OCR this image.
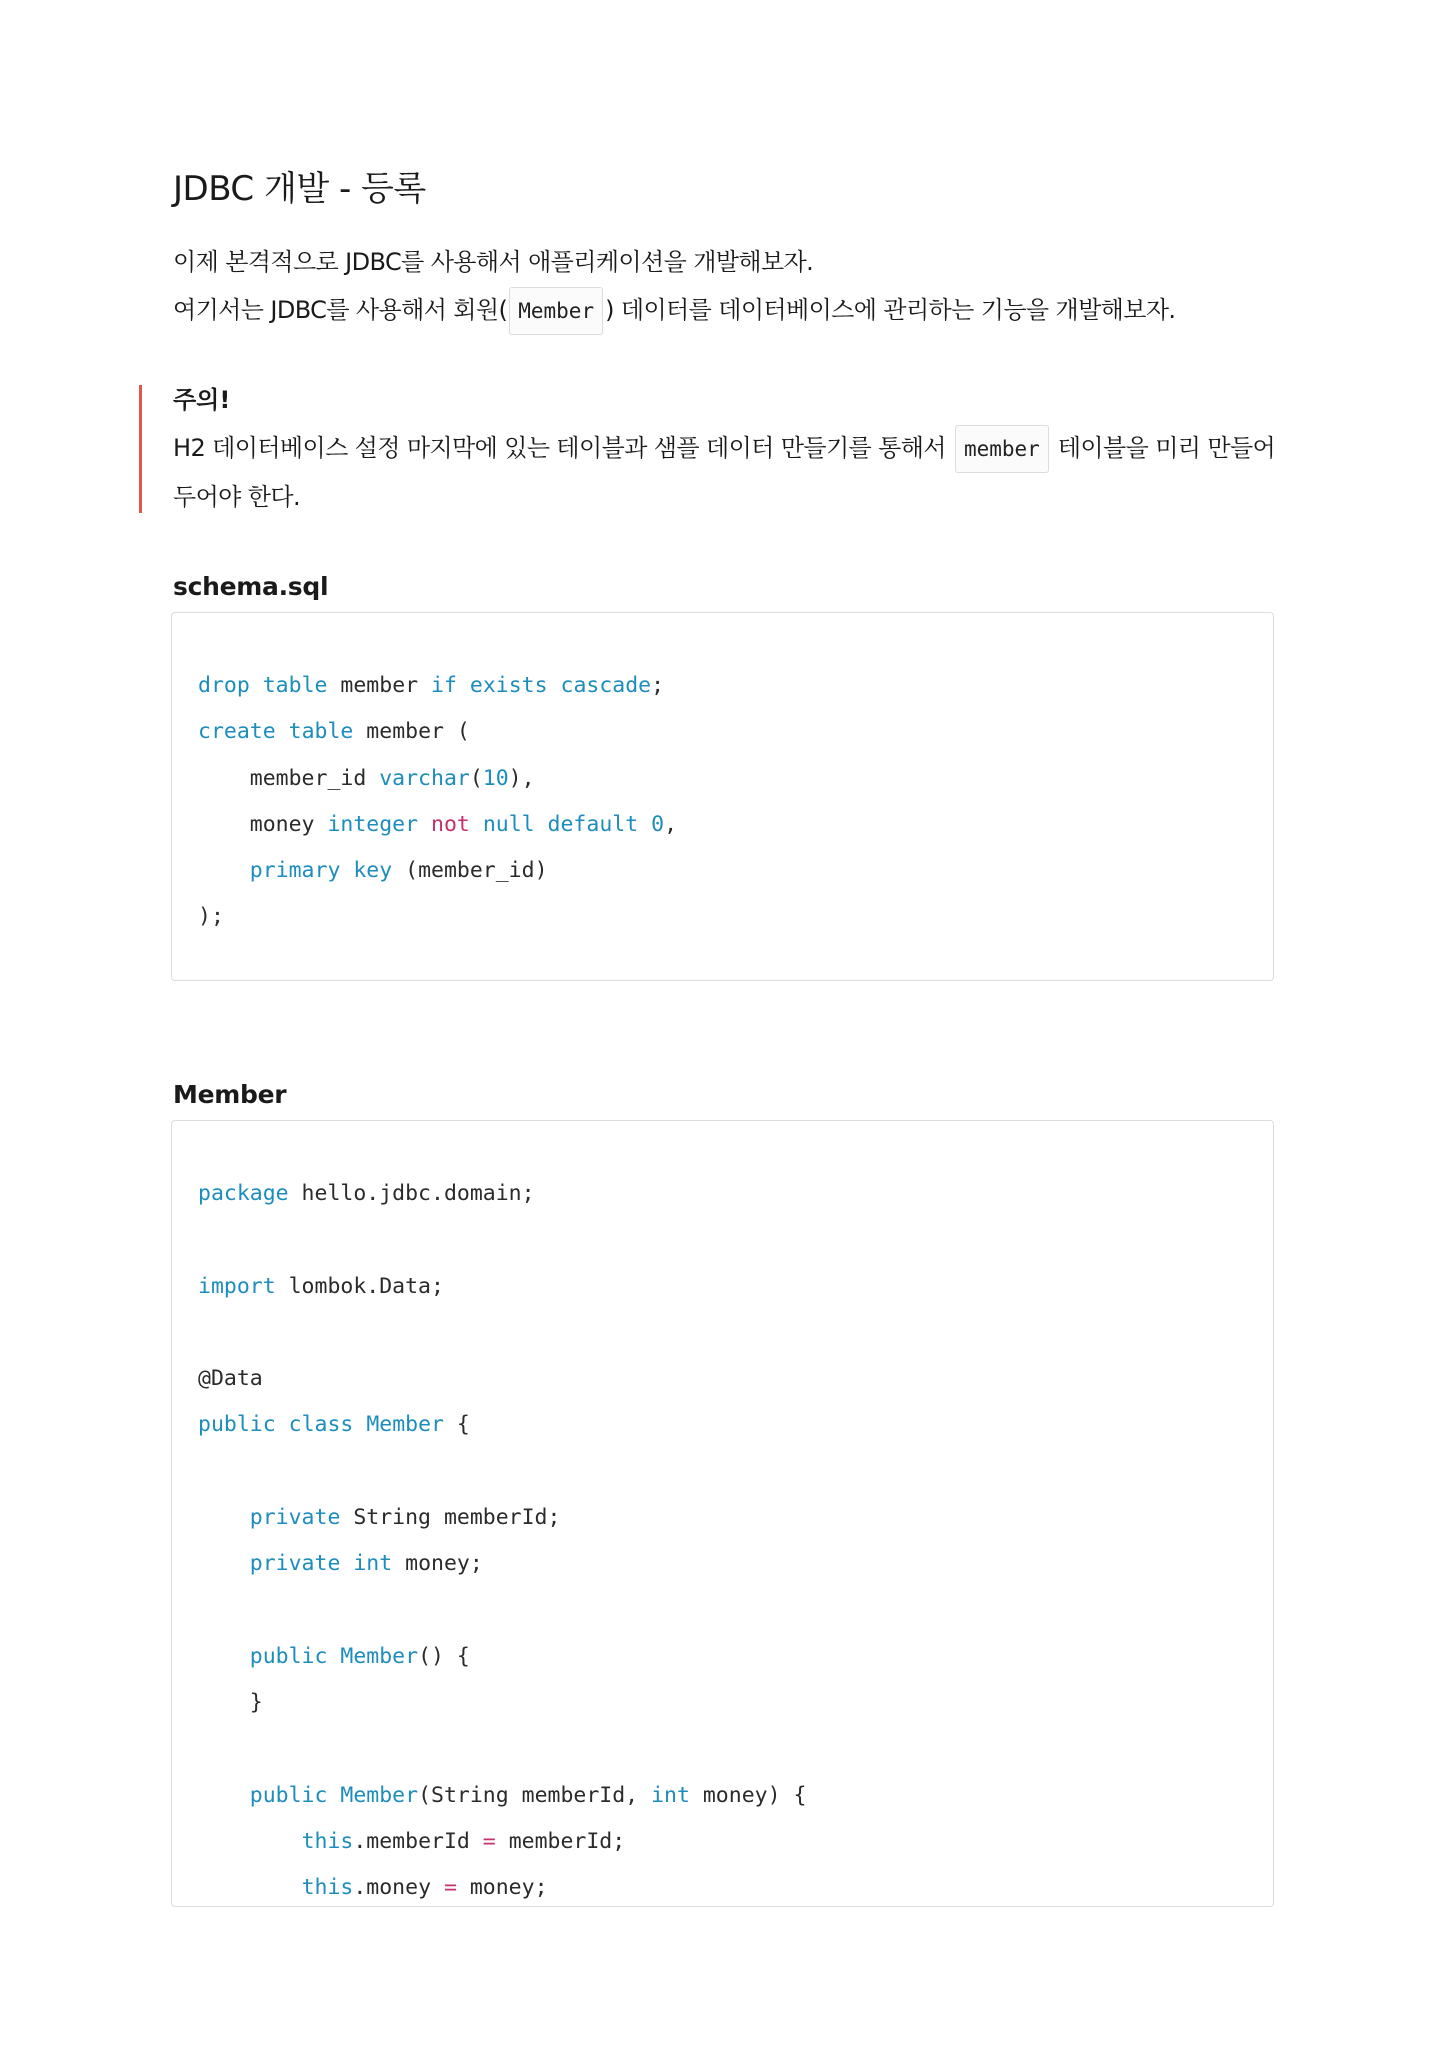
JDBC 개발 - 등록

이제 본격적으로 JDBC를 사용해서 애플리케이션을 개발해보자.

여기서는 JDBC를 사용해서 회원( Member ) 데이터를 데이터베이스에 관리하는 기능을 개발해보자.

주의!

H2 데이터베이스 설정 마지막에 있는 테이블과 샘플 데이터 만들기를 통해서 member 테이블을 미리 만들어두어야 한다.

schema.sql
drop table member if exists cascade;
create table member (
member_id varchar(10),
money integer not null default 0,
primary key (member_id)
);
Member
package hello.jdbc.domain;

import lombok.Data;

@Data
public class Member {

private String memberId;
private int money;

public Member() {
}

public Member(String memberId, int money) {
this.memberId = memberId;
this.money = money;
